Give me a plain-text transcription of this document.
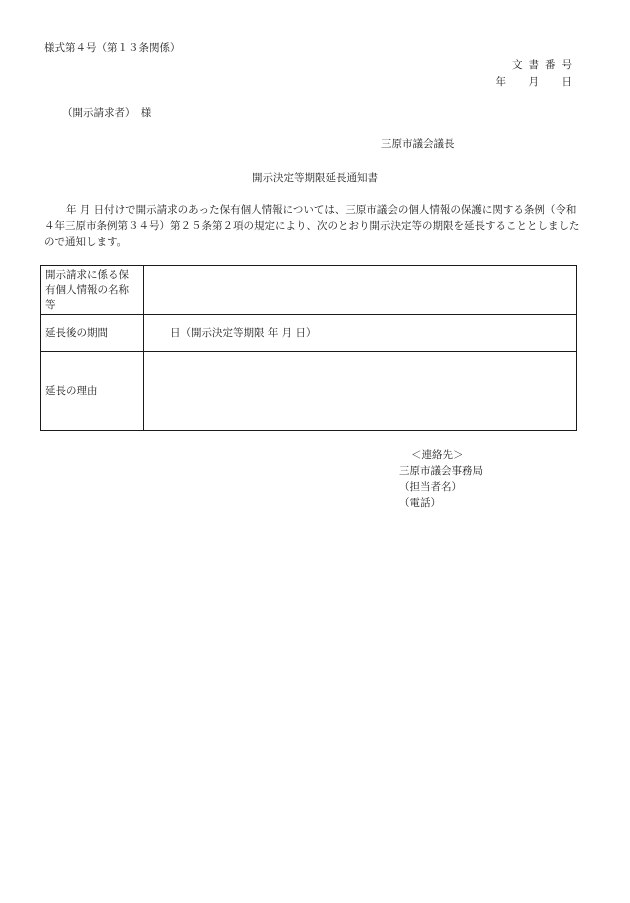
様式第４号（第１３条関係）
文書番号
年　月　日
（開示請求者）　様
三原市議会議長
開示決定等期限延長通知書
年 月 日付けで開示請求のあった保有個人情報については、三原市議会の個人情報の保護に関する条例（令和４年三原市条例第３４号）第２５条第２項の規定により、次のとおり開示決定等の期限を延長することとしましたので通知します。
開示請求に係る保有個人情報の名称等	
延長後の期間	日（開示決定等期限 年 月 日）
延長の理由	
＜連絡先＞
三原市議会事務局
（担当者名）
（電話）
